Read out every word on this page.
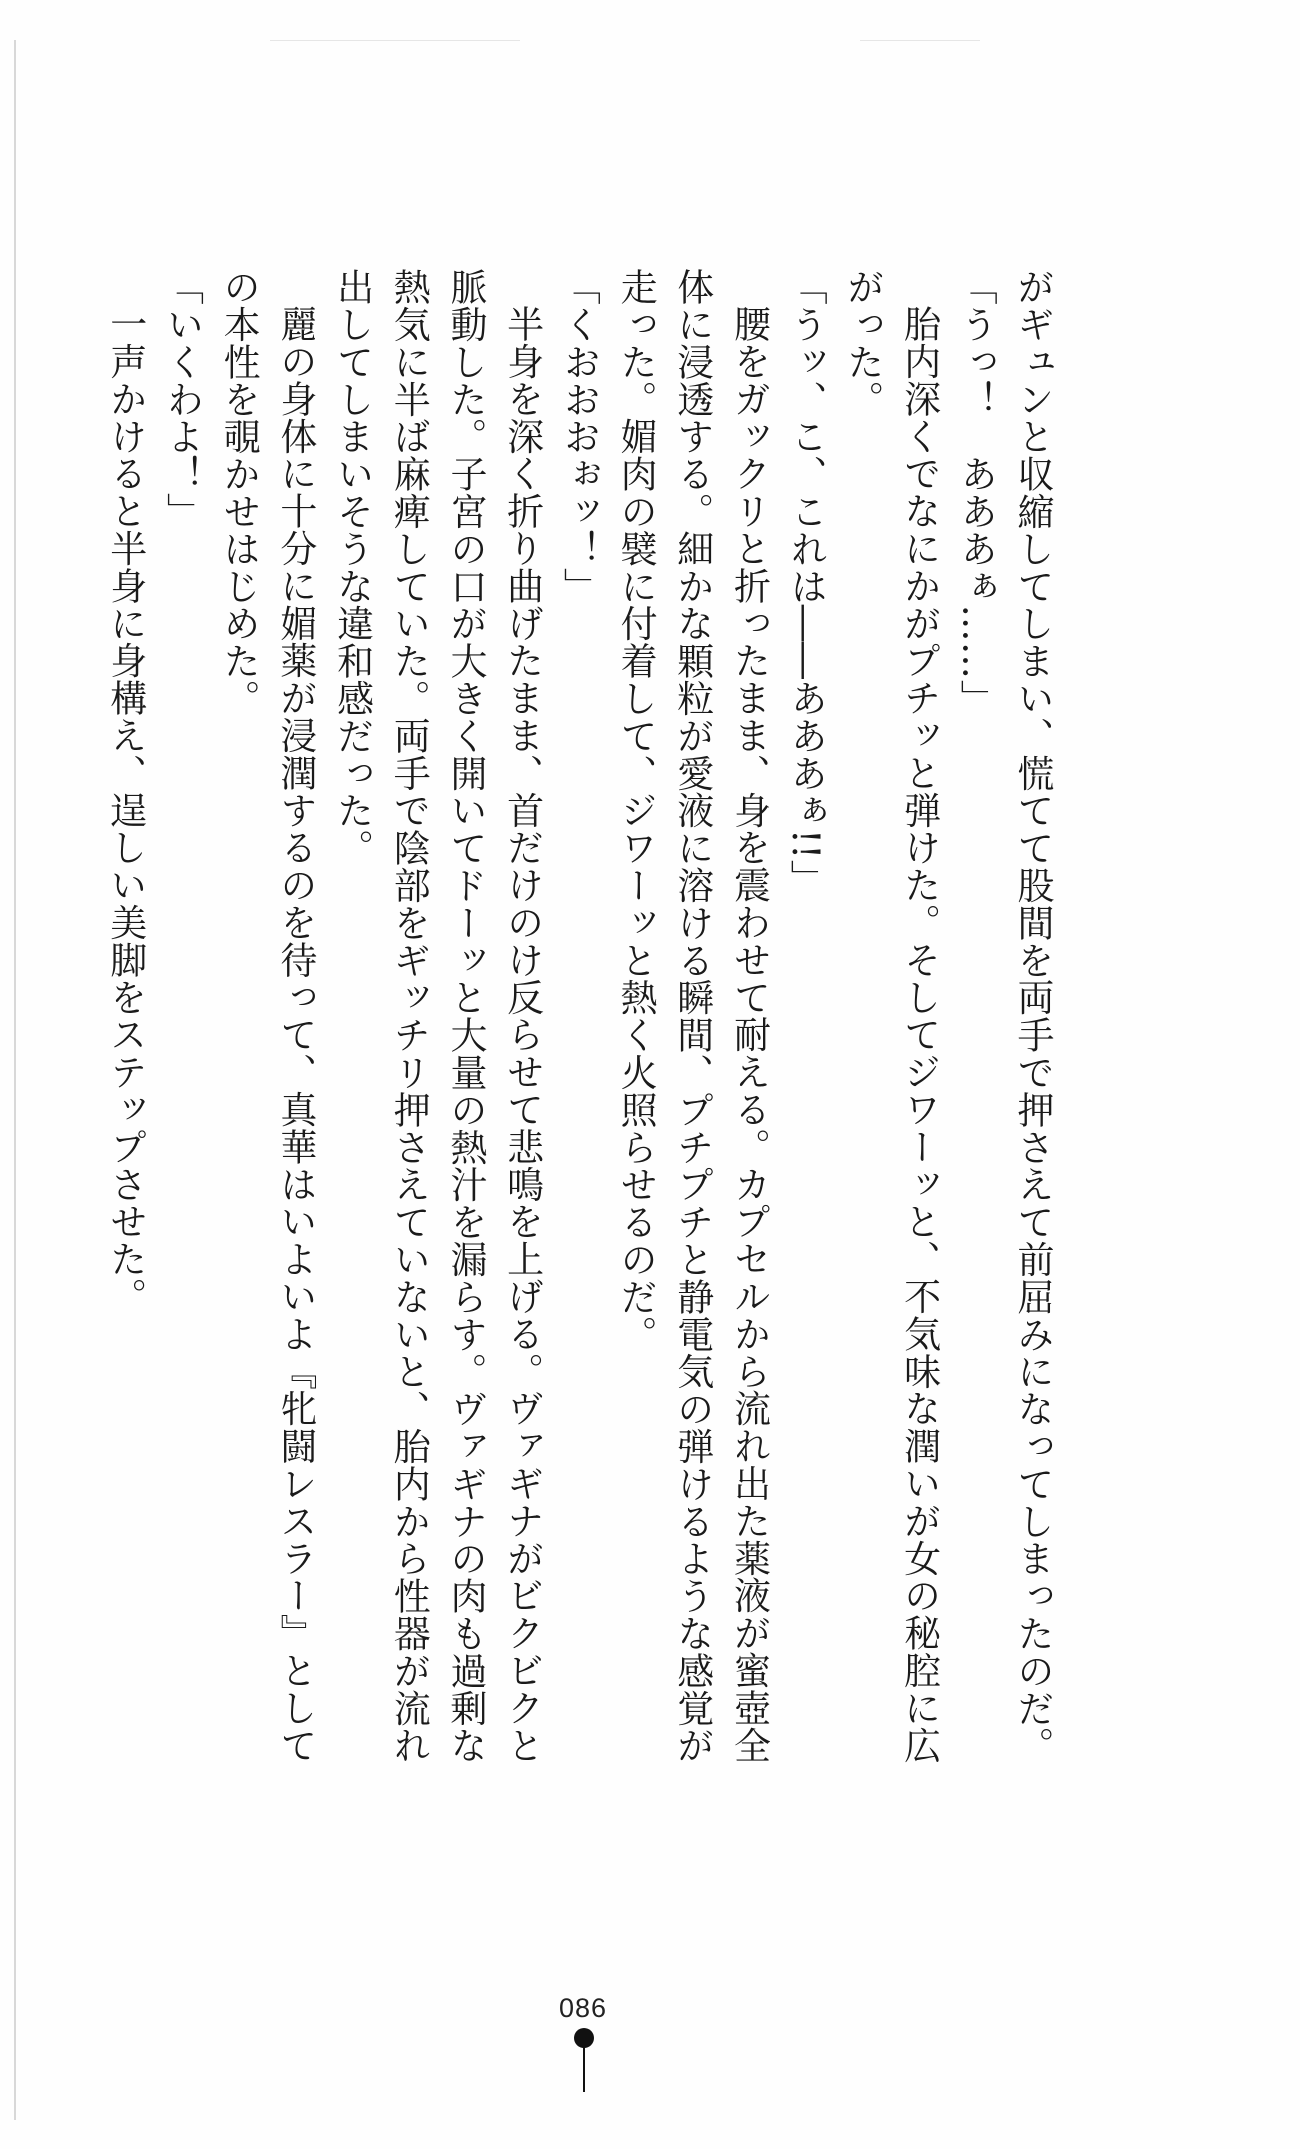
がギュンと収縮してしまい、慌てて股間を両手で押さえて前屈みになってしまったのだ。

「うっ！　あああぁ……」

胎内深くでなにかがプチッと弾けた。そしてジワーッと、不気味な潤いが女の秘腔に広

がった。

「うッ、こ、これは――あああぁ!!」

腰をガックリと折ったまま、身を震わせて耐える。カプセルから流れ出た薬液が蜜壺全

体に浸透する。細かな顆粒が愛液に溶ける瞬間、プチプチと静電気の弾けるような感覚が

走った。媚肉の襞に付着して、ジワーッと熱く火照らせるのだ。

「くおおおぉッ！」

半身を深く折り曲げたまま、首だけのけ反らせて悲鳴を上げる。ヴァギナがビクビクと

脈動した。子宮の口が大きく開いてドーッと大量の熱汁を漏らす。ヴァギナの肉も過剰な

熱気に半ば麻痺していた。両手で陰部をギッチリ押さえていないと、胎内から性器が流れ

出してしまいそうな違和感だった。

麗の身体に十分に媚薬が浸潤するのを待って、真華はいよいよ『牝闘レスラー』として

の本性を覗かせはじめた。

「いくわよ！」

一声かけると半身に身構え、逞しい美脚をステップさせた。

086
